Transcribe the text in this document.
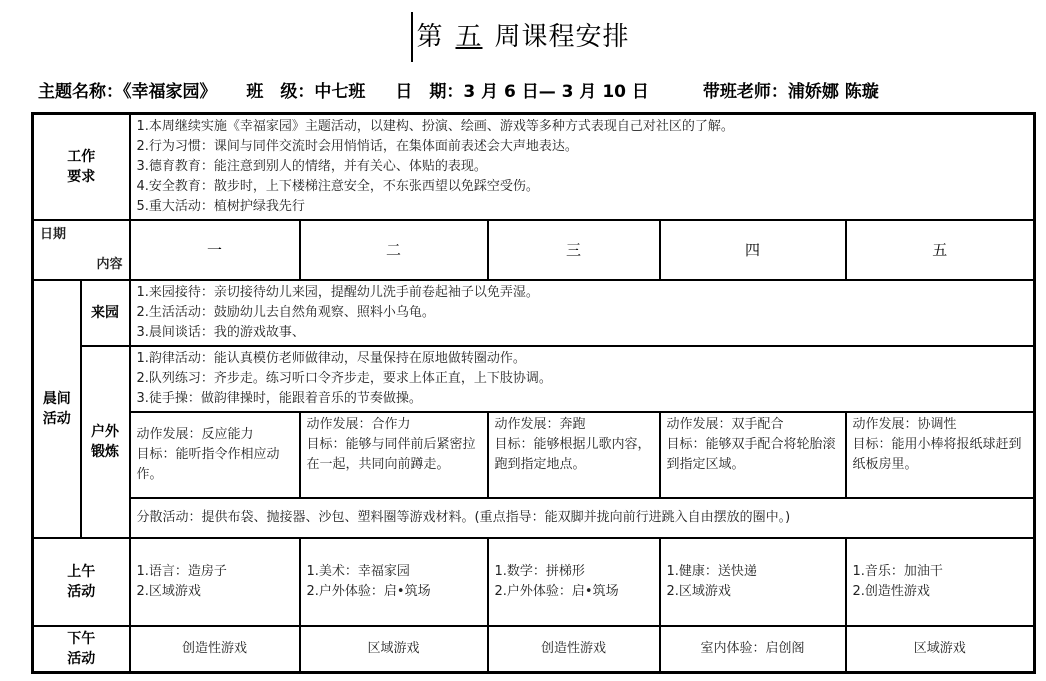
第 五 周课程安排
主题名称：《幸福家园》 班　级：中七班 日　期：3 月 6 日— 3 月 10 日	带班老师：浦娇娜 陈璇
工作要求		1.本周继续实施《幸福家园》主题活动，以建构、扮演、绘画、游戏等多种方式表现自己对社区的了解。
2.行为习惯：课间与同伴交流时会用悄悄话，在集体面前表述会大声地表达。
3.德育教育：能注意到别人的情绪，并有关心、体贴的表现。
4.安全教育：散步时，上下楼梯注意安全，不东张西望以免踩空受伤。
5.重大活动：植树护绿我先行				

日期
内容		一	二	三	四	五
晨间活动	来园	1.来园接待：亲切接待幼儿来园，提醒幼儿洗手前卷起袖子以免弄湿。
2.生活活动：鼓励幼儿去自然角观察、照料小乌龟。
3.晨间谈话：我的游戏故事、				

	户外锻炼	1.韵律活动：能认真模仿老师做律动，尽量保持在原地做转圈动作。
2.队列练习：齐步走。练习听口令齐步走，要求上体正直，上下肢协调。
3.徒手操：做韵律操时，能跟着音乐的节奏做操。				

		动作发展：反应能力
目标：能听指令作相应动作。	动作发展：合作力
目标：能够与同伴前后紧密拉在一起，共同向前蹲走。	动作发展：奔跑
目标：能够根据儿歌内容，跑到指定地点。	动作发展：双手配合
目标：能够双手配合将轮胎滚到指定区域。	动作发展：协调性
目标：能用小棒将报纸球赶到纸板房里。
		分散活动：提供布袋、抛接器、沙包、塑料圈等游戏材料。(重点指导：能双脚并拢向前行进跳入自由摆放的圈中。)				
上午活动		1.语言：造房子
2.区域游戏	1.美术：幸福家园
2.户外体验：启•筑场	1.数学：拼梯形
2.户外体验：启•筑场	1.健康：送快递
2.区域游戏	1.音乐：加油干
2.创造性游戏

下午活动		创造性游戏	区域游戏	创造性游戏	室内体验：启创阁	区域游戏
